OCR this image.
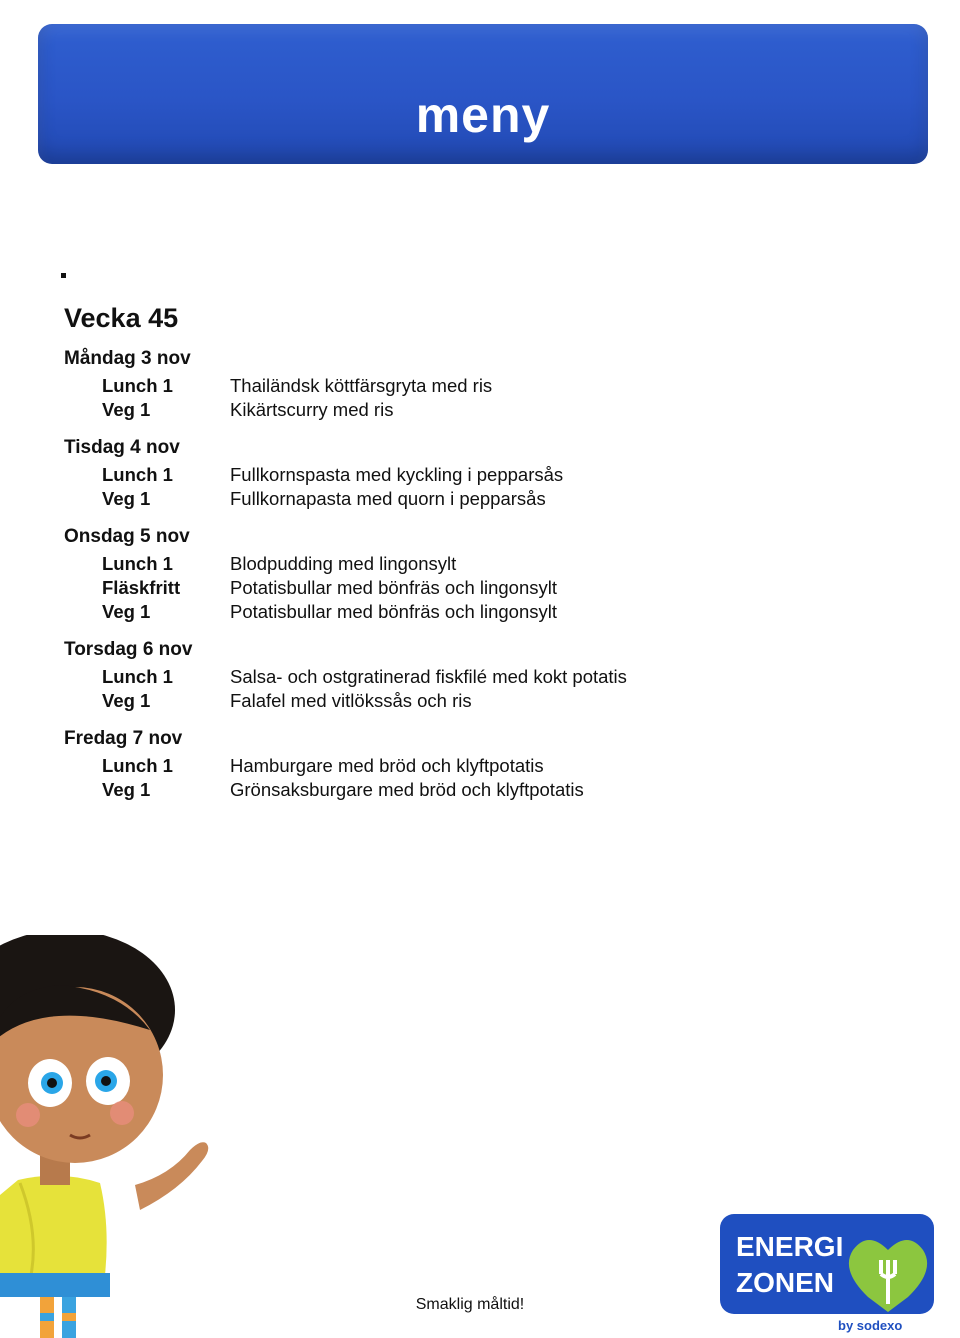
meny
Vecka 45
Måndag 3 nov
Lunch 1	Thailändsk köttfärsgryta med ris
Veg 1	Kikärtscurry med ris
Tisdag 4 nov
Lunch 1	Fullkornspasta med kyckling i pepparsås
Veg 1	Fullkornapasta med quorn i pepparsås
Onsdag 5 nov
Lunch 1	Blodpudding med lingonsylt
Fläskfritt	Potatisbullar med bönfräs och lingonsylt
Veg 1	Potatisbullar med bönfräs och lingonsylt
Torsdag 6 nov
Lunch 1	Salsa- och ostgratinerad fiskfilé med kokt potatis
Veg 1	Falafel med vitlökssås och ris
Fredag 7 nov
Lunch 1	Hamburgare med bröd och klyftpotatis
Veg 1	Grönsaksburgare med bröd och klyftpotatis
ENERGI
ZONEN
by sodexo
Smaklig måltid!
